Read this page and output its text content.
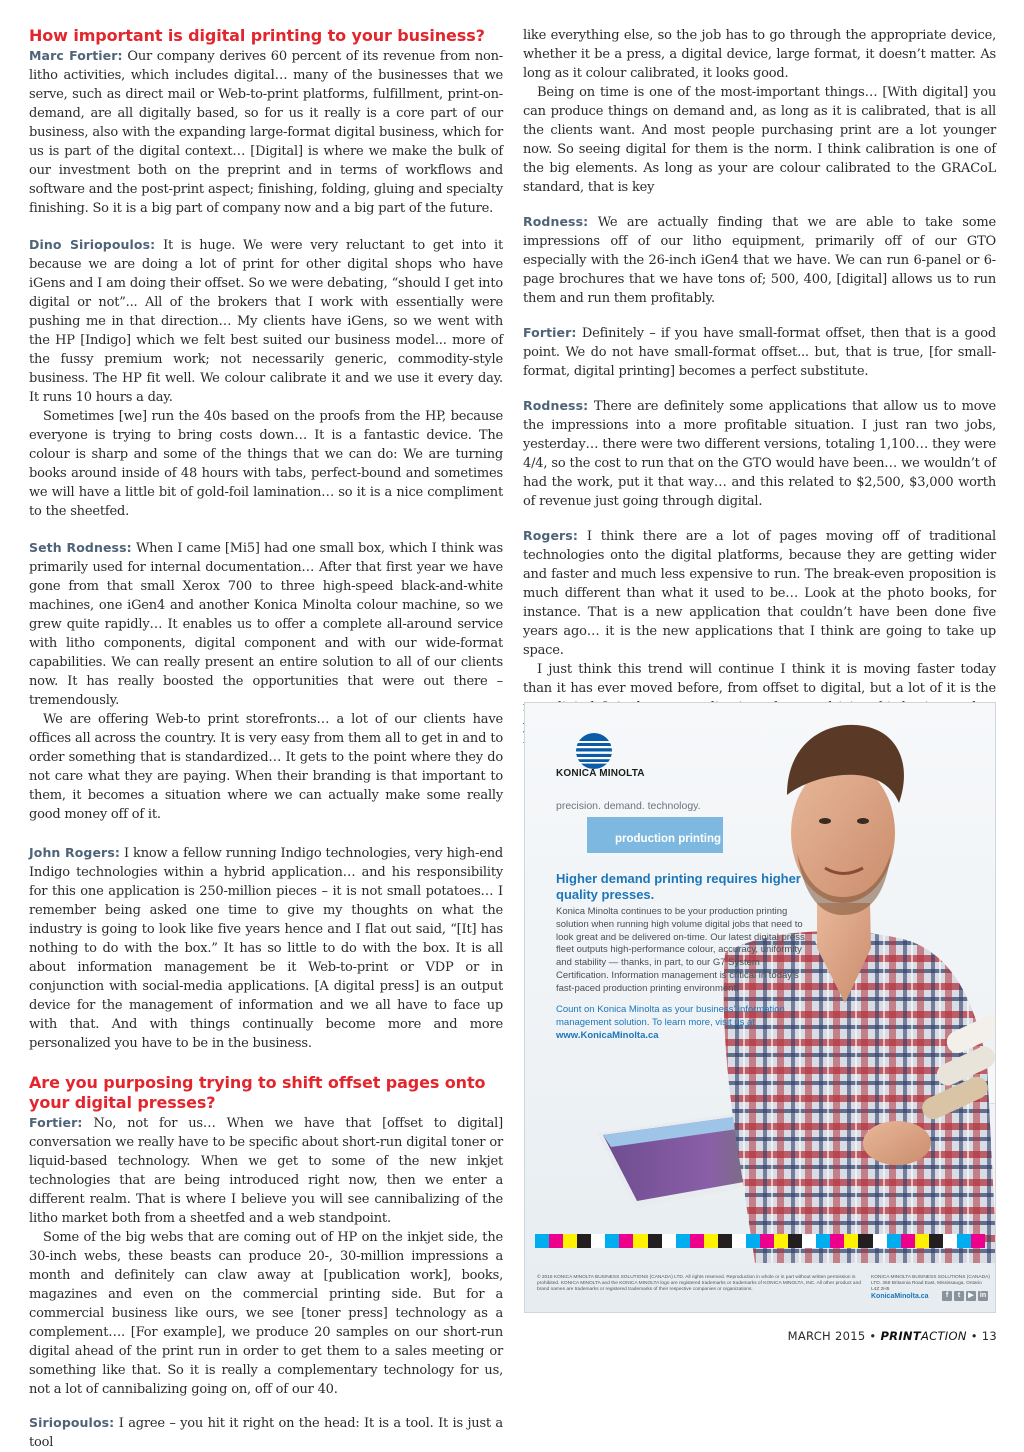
How important is digital printing to your business?

Marc Fortier: Our company derives 60 percent of its revenue from non-litho activities, which includes digital… many of the businesses that we serve, such as direct mail or Web-to-print platforms, fulfillment, print-on-demand, are all digitally based, so for us it really is a core part of our business, also with the expanding large-format digital business, which for us is part of the digital context… [Digital] is where we make the bulk of our investment both on the preprint and in terms of workflows and software and the post-print aspect; finishing, folding, gluing and specialty finishing. So it is a big part of company now and a big part of the future.

Dino Siriopoulos: It is huge. We were very reluctant to get into it because we are doing a lot of print for other digital shops who have iGens and I am doing their offset. So we were debating, “should I get into digital or not”... All of the brokers that I work with essentially were pushing me in that direction… My clients have iGens, so we went with the HP [Indigo] which we felt best suited our business model... more of the fussy premium work; not necessarily generic, commodity-style business. The HP fit well. We colour calibrate it and we use it every day. It runs 10 hours a day.

Sometimes [we] run the 40s based on the proofs from the HP, because everyone is trying to bring costs down… It is a fantastic device. The colour is sharp and some of the things that we can do: We are turning books around inside of 48 hours with tabs, perfect-bound and sometimes we will have a little bit of gold-foil lamination… so it is a nice compliment to the sheetfed.

Seth Rodness: When I came [Mi5] had one small box, which I think was primarily used for internal documentation… After that first year we have gone from that small Xerox 700 to three high-speed black-and-white machines, one iGen4 and another Konica Minolta colour machine, so we grew quite rapidly… It enables us to offer a complete all-around service with litho components, digital component and with our wide-format capabilities. We can really present an entire solution to all of our clients now. It has really boosted the opportunities that were out there – tremendously.

We are offering Web-to print storefronts… a lot of our clients have offices all across the country. It is very easy from them all to get in and to order something that is standardized… It gets to the point where they do not care what they are paying. When their branding is that important to them, it becomes a situation where we can actually make some really good money off of it.

John Rogers: I know a fellow running Indigo technologies, very high-end Indigo technologies within a hybrid application… and his responsibility for this one application is 250-million pieces – it is not small potatoes… I remember being asked one time to give my thoughts on what the industry is going to look like five years hence and I flat out said, “[It] has nothing to do with the box.” It has so little to do with the box. It is all about information management be it Web-to-print or VDP or in conjunction with social-media applications. [A digital press] is an output device for the management of information and we all have to face up with that. And with things continually become more and more personalized you have to be in the business.

Are you purposing trying to shift offset pages onto your digital presses?

Fortier: No, not for us… When we have that [offset to digital] conversation we really have to be specific about short-run digital toner or liquid-based technology. When we get to some of the new inkjet technologies that are being introduced right now, then we enter a different realm. That is where I believe you will see cannibalizing of the litho market both from a sheetfed and a web standpoint.

Some of the big webs that are coming out of HP on the inkjet side, the 30-inch webs, these beasts can produce 20-, 30-million impressions a month and definitely can claw away at [publication work], books, magazines and even on the commercial printing side. But for a commercial business like ours, we see [toner press] technology as a complement…. [For example], we produce 20 samples on our short-run digital ahead of the print run in order to get them to a sales meeting or something like that. So it is really a complementary technology for us, not a lot of cannibalizing going on, off of our 40.

Siriopoulos: I agree – you hit it right on the head: It is a tool. It is just a tool

like everything else, so the job has to go through the appropriate device, whether it be a press, a digital device, large format, it doesn’t matter. As long as it colour calibrated, it looks good.

Being on time is one of the most-important things… [With digital] you can produce things on demand and, as long as it is calibrated, that is all the clients want. And most people purchasing print are a lot younger now. So seeing digital for them is the norm. I think calibration is one of the big elements. As long as your are colour calibrated to the GRACoL standard, that is key

Rodness: We are actually finding that we are able to take some impressions off of our litho equipment, primarily off of our GTO especially with the 26-inch iGen4 that we have. We can run 6-panel or 6-page brochures that we have tons of; 500, 400, [digital] allows us to run them and run them profitably.

Fortier: Definitely – if you have small-format offset, then that is a good point. We do not have small-format offset... but, that is true, [for small-format, digital printing] becomes a perfect substitute.

Rodness: There are definitely some applications that allow us to move the impressions into a more profitable situation. I just ran two jobs, yesterday… there were two different versions, totaling 1,100… they were 4/4, so the cost to run that on the GTO would have been… we wouldn’t of had the work, put it that way… and this related to $2,500, $3,000 worth of revenue just going through digital.

Rogers: I think there are a lot of pages moving off of traditional technologies onto the digital platforms, because they are getting wider and faster and much less expensive to run. The break-even proposition is much different than what it used to be… Look at the photo books, for instance. That is a new application that couldn’t have been done five years ago… it is the new applications that I think are going to take up space.

I just think this trend will continue I think it is moving faster today than it has ever moved before, from offset to digital, but a lot of it is the

KONICA MINOLTA
precision. demand. technology.
production printing
Higher demand printing requires higher quality presses.
Konica Minolta continues to be your production printing solution when running high volume digital jobs that need to look great and be delivered on-time. Our latest digital press fleet outputs high-performance colour, accuracy, uniformity and stability — thanks, in part, to our G7 System Certification. Information management is critical in today’s fast-paced production printing environment.
Count on Konica Minolta as your business’ information management solution. To learn more, visit us at www.KonicaMinolta.ca
© 2015 KONICA MINOLTA BUSINESS SOLUTIONS (CANADA) LTD. All rights reserved. Reproduction in whole or in part without written permission is prohibited. KONICA MINOLTA and the KONICA MINOLTA logo are registered trademarks or trademarks of KONICA MINOLTA, INC. All other product and brand names are trademarks or registered trademarks of their respective companies or organizations.
KONICA MINOLTA BUSINESS SOLUTIONS (CANADA) LTD. 369 Britannia Road East, Mississauga, Ontario L4Z 2H5
KonicaMinolta.ca	f	t	▶ in
MARCH 2015 • PRINTACTION • 13
